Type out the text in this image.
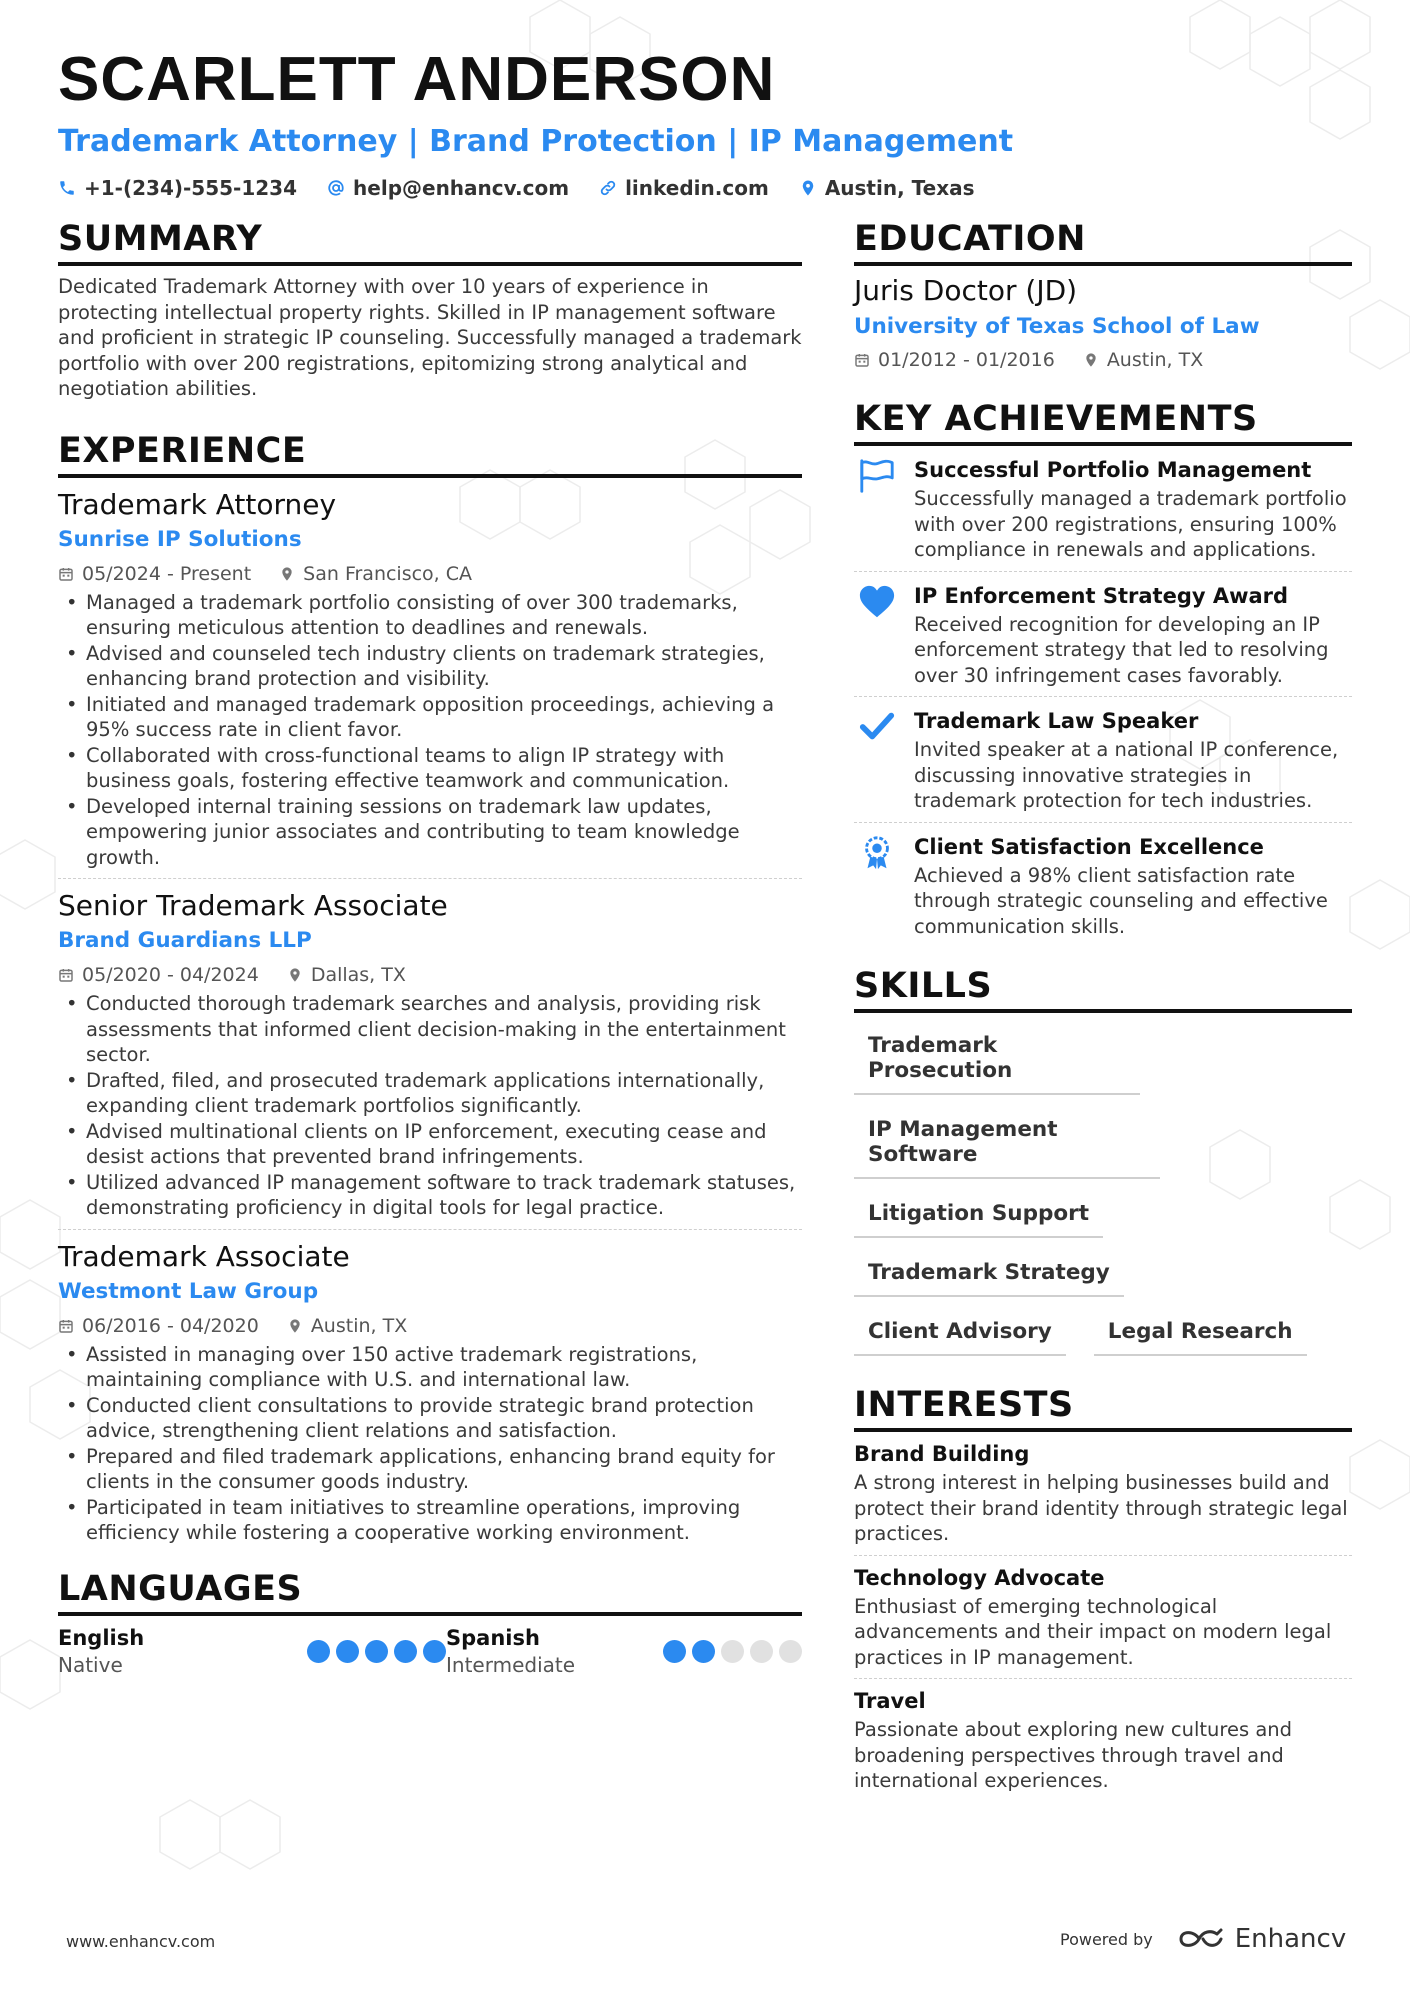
SCARLETT ANDERSON
Trademark Attorney | Brand Protection | IP Management
+1-(234)-555-1234	help@enhancv.com	linkedin.com	Austin, Texas
SUMMARY
Dedicated Trademark Attorney with over 10 years of experience in protecting intellectual property rights. Skilled in IP management software and proficient in strategic IP counseling. Successfully managed a trademark portfolio with over 200 registrations, epitomizing strong analytical and negotiation abilities.
EXPERIENCE
Trademark Attorney
Sunrise IP Solutions
05/2024 - Present	San Francisco, CA
• Managed a trademark portfolio consisting of over 300 trademarks, ensuring meticulous attention to deadlines and renewals.
• Advised and counseled tech industry clients on trademark strategies, enhancing brand protection and visibility.
• Initiated and managed trademark opposition proceedings, achieving a 95% success rate in client favor.
• Collaborated with cross-functional teams to align IP strategy with business goals, fostering effective teamwork and communication.
• Developed internal training sessions on trademark law updates, empowering junior associates and contributing to team knowledge growth.
Senior Trademark Associate
Brand Guardians LLP
05/2020 - 04/2024	Dallas, TX
• Conducted thorough trademark searches and analysis, providing risk assessments that informed client decision-making in the entertainment sector.
• Drafted, filed, and prosecuted trademark applications internationally, expanding client trademark portfolios significantly.
• Advised multinational clients on IP enforcement, executing cease and desist actions that prevented brand infringements.
• Utilized advanced IP management software to track trademark statuses, demonstrating proficiency in digital tools for legal practice.
Trademark Associate
Westmont Law Group
06/2016 - 04/2020	Austin, TX
• Assisted in managing over 150 active trademark registrations, maintaining compliance with U.S. and international law.
• Conducted client consultations to provide strategic brand protection advice, strengthening client relations and satisfaction.
• Prepared and filed trademark applications, enhancing brand equity for clients in the consumer goods industry.
• Participated in team initiatives to streamline operations, improving efficiency while fostering a cooperative working environment.
LANGUAGES
English
Native
Spanish
Intermediate
EDUCATION
Juris Doctor (JD)
University of Texas School of Law
01/2012 - 01/2016	Austin, TX
KEY ACHIEVEMENTS
Successful Portfolio Management
Successfully managed a trademark portfolio with over 200 registrations, ensuring 100% compliance in renewals and applications.
IP Enforcement Strategy Award
Received recognition for developing an IP enforcement strategy that led to resolving over 30 infringement cases favorably.
Trademark Law Speaker
Invited speaker at a national IP conference, discussing innovative strategies in trademark protection for tech industries.
Client Satisfaction Excellence
Achieved a 98% client satisfaction rate through strategic counseling and effective communication skills.
SKILLS
Trademark Prosecution
IP Management Software
Litigation Support
Trademark Strategy
Client Advisory	Legal Research
INTERESTS
Brand Building
A strong interest in helping businesses build and protect their brand identity through strategic legal practices.
Technology Advocate
Enthusiast of emerging technological advancements and their impact on modern legal practices in IP management.
Travel
Passionate about exploring new cultures and broadening perspectives through travel and international experiences.
www.enhancv.com	Powered by	Enhancv
